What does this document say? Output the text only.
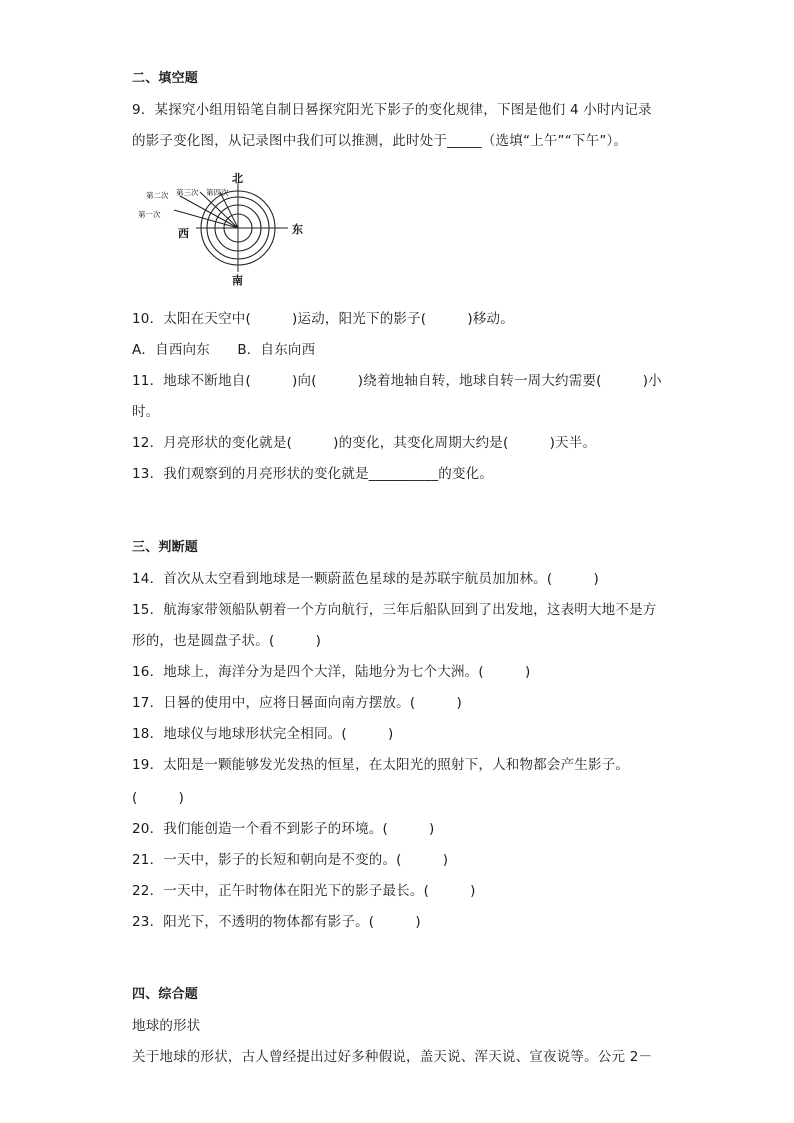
二、填空题
9．某探究小组用铅笔自制日晷探究阳光下影子的变化规律，下图是他们 4 小时内记录
的影子变化图，从记录图中我们可以推测，此时处于_____（选填“上午”“下午”）。
北
南
东
西
第一次
第二次 第三次 第四次
10．太阳在天空中(　　　)运动，阳光下的影子(　　　)移动。
A．自西向东　　B．自东向西
11．地球不断地自(　　　)向(　　　)绕着地轴自转，地球自转一周大约需要(　　　)小
时。
12．月亮形状的变化就是(　　　)的变化，其变化周期大约是(　　　)天半。
13．我们观察到的月亮形状的变化就是__________的变化。
三、判断题
14．首次从太空看到地球是一颗蔚蓝色星球的是苏联宇航员加加林。(　　　)
15．航海家带领船队朝着一个方向航行，三年后船队回到了出发地，这表明大地不是方
形的，也是圆盘子状。(　　　)
16．地球上，海洋分为是四个大洋，陆地分为七个大洲。(　　　)
17．日晷的使用中，应将日晷面向南方摆放。(　　　)
18．地球仪与地球形状完全相同。(　　　)
19．太阳是一颗能够发光发热的恒星，在太阳光的照射下，人和物都会产生影子。
(　　　)
20．我们能创造一个看不到影子的环境。(　　　)
21．一天中，影子的长短和朝向是不变的。(　　　)
22．一天中，正午时物体在阳光下的影子最长。(　　　)
23．阳光下，不透明的物体都有影子。(　　　)
四、综合题
地球的形状
关于地球的形状，古人曾经提出过好多种假说，盖天说、浑天说、宣夜说等。公元 2－
